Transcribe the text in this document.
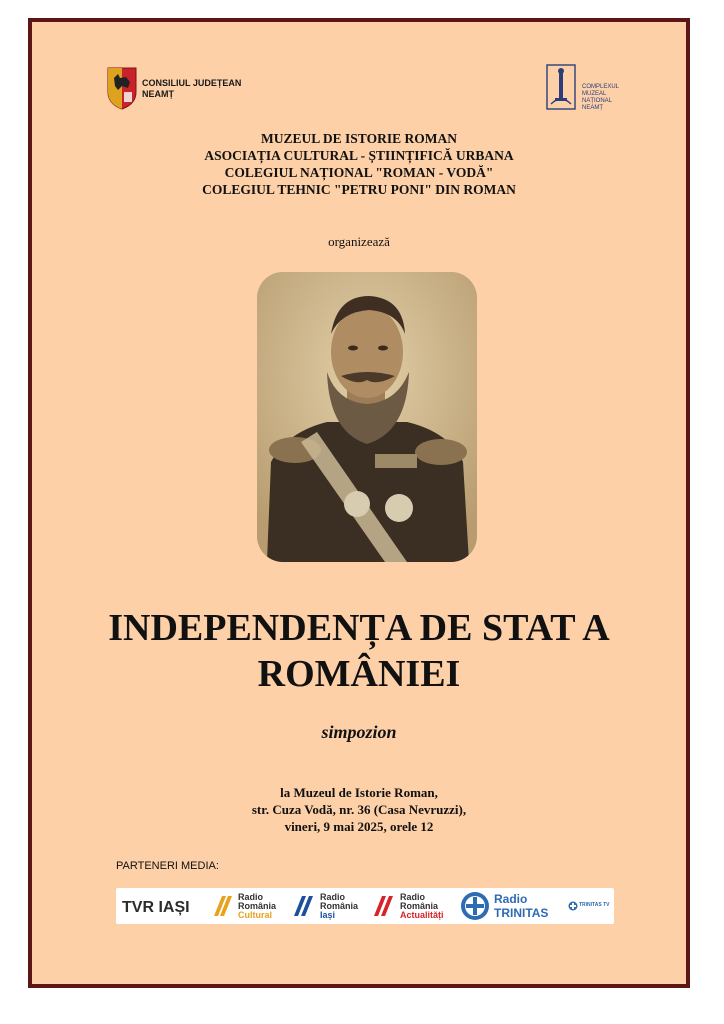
CONSILIUL JUDEȚEAN
NEAMȚ
COMPLEXUL
MUZEAL
NAȚIONAL
NEAMȚ
MUZEUL DE ISTORIE ROMAN
ASOCIAȚIA CULTURAL - ȘTIINȚIFICĂ URBANA
COLEGIUL NAȚIONAL "ROMAN - VODĂ"
COLEGIUL TEHNIC "PETRU PONI" DIN ROMAN
organizează
INDEPENDENȚA DE STAT A
ROMÂNIEI
simpozion
la Muzeul de Istorie Roman,
str. Cuza Vodă, nr. 36 (Casa Nevruzzi),
vineri, 9 mai 2025, orele 12
PARTENERI MEDIA:
TVR IAȘI
Radio
România
Cultural
Radio
România
Iași
Radio
România
Actualități
Radio
TRINITAS
TRINITAS TV
